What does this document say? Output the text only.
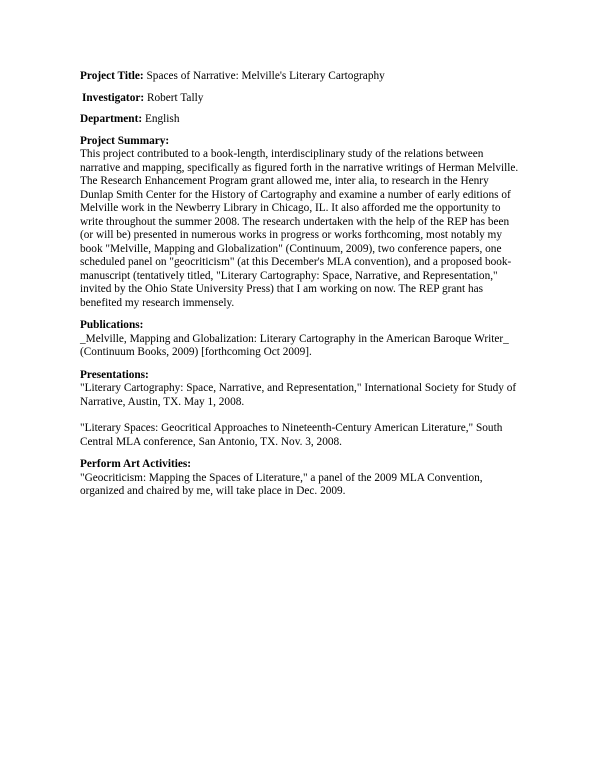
Project Title: Spaces of Narrative: Melville's Literary Cartography
Investigator: Robert Tally
Department: English
Project Summary:

This project contributed to a book-length, interdisciplinary study of the relations between narrative and mapping, specifically as figured forth in the narrative writings of Herman Melville. The Research Enhancement Program grant allowed me, inter alia, to research in the Henry Dunlap Smith Center for the History of Cartography and examine a number of early editions of Melville work in the Newberry Library in Chicago, IL. It also afforded me the opportunity to write throughout the summer 2008. The research undertaken with the help of the REP has been (or will be) presented in numerous works in progress or works forthcoming, most notably my book "Melville, Mapping and Globalization" (Continuum, 2009), two conference papers, one scheduled panel on "geocriticism" (at this December's MLA convention), and a proposed book-manuscript (tentatively titled, "Literary Cartography: Space, Narrative, and Representation," invited by the Ohio State University Press) that I am working on now. The REP grant has benefited my research immensely.

Publications:

_Melville, Mapping and Globalization: Literary Cartography in the American Baroque Writer_ (Continuum Books, 2009) [forthcoming Oct 2009].

Presentations:

"Literary Cartography: Space, Narrative, and Representation," International Society for Study of Narrative, Austin, TX. May 1, 2008.

"Literary Spaces: Geocritical Approaches to Nineteenth-Century American Literature," South Central MLA conference, San Antonio, TX. Nov. 3, 2008.

Perform Art Activities:

"Geocriticism: Mapping the Spaces of Literature," a panel of the 2009 MLA Convention, organized and chaired by me, will take place in Dec. 2009.
